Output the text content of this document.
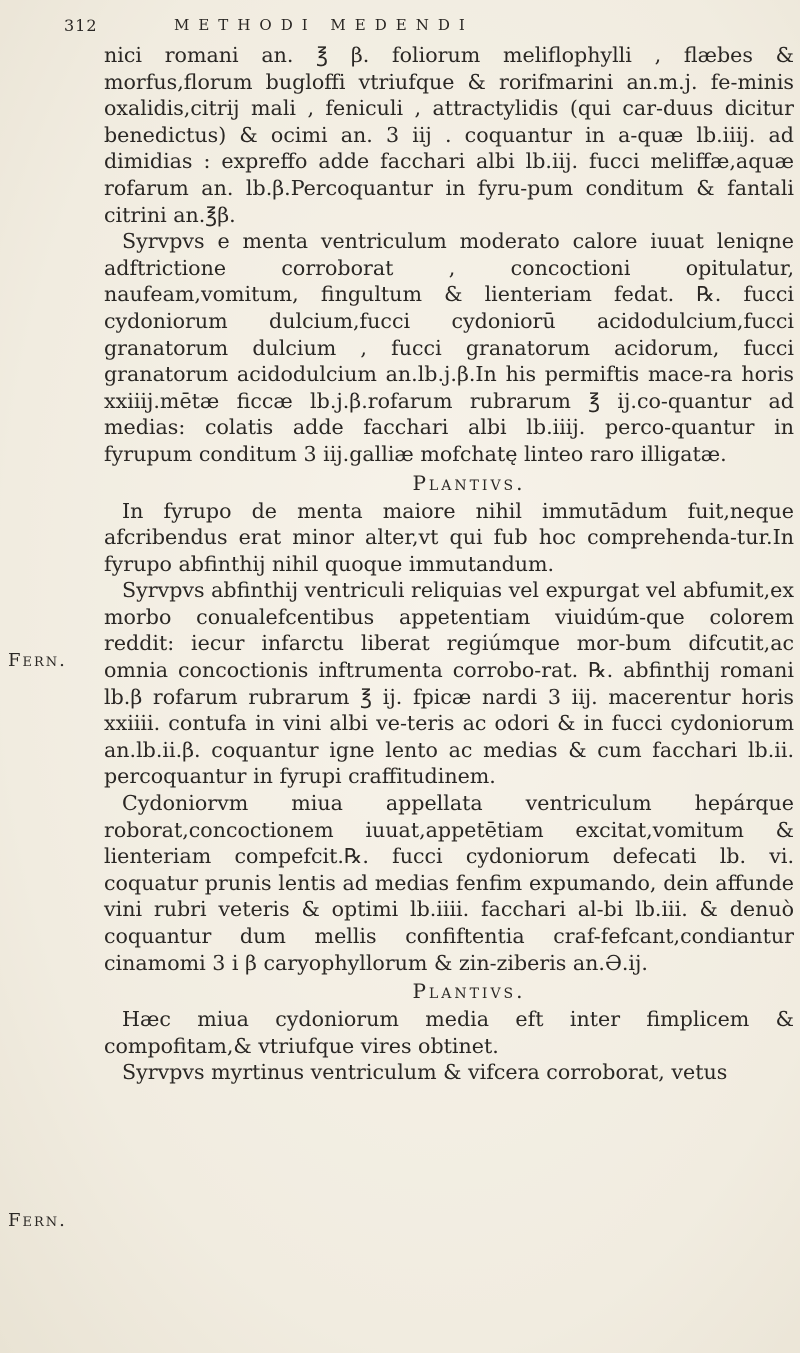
312	METHODI MEDENDI
Fern.
Fern.

nici romani an. ℥ β. foliorum meliflophylli , flæbes & morfus,florum bugloffi vtriufque & rorifmarini an.m.j. fe-minis oxalidis,citrij mali , feniculi , attractylidis (qui car-duus dicitur benedictus) & ocimi an. 3 iij . coquantur in a-quæ lb.iiij. ad dimidias : expreffo adde facchari albi lb.iij. fucci meliffæ,aquæ rofarum an. lb.β.Percoquantur in fyru-pum conditum & fantali citrini an.℥β.

Syrvpvs e menta ventriculum moderato calore iuuat leniqne adftrictione corroborat , concoctioni opitulatur, naufeam,vomitum, fingultum & lienteriam fedat. ℞. fucci cydoniorum dulcium,fucci cydoniorū acidodulcium,fucci granatorum dulcium , fucci granatorum acidorum, fucci granatorum acidodulcium an.lb.j.β.In his permiftis mace-ra horis xxiiij.mētæ ficcæ lb.j.β.rofarum rubrarum ℥ ij.co-quantur ad medias: colatis adde facchari albi lb.iiij. perco-quantur in fyrupum conditum 3 iij.galliæ mofchatę linteo raro illigatæ.

Plantivs.

In fyrupo de menta maiore nihil immutādum fuit,neque afcribendus erat minor alter,vt qui fub hoc comprehenda-tur.In fyrupo abfinthij nihil quoque immutandum.

Syrvpvs abfinthij ventriculi reliquias vel expurgat vel abfumit,ex morbo conualefcentibus appetentiam viuidúm-que colorem reddit: iecur infarctu liberat regiúmque mor-bum difcutit,ac omnia concoctionis inftrumenta corrobo-rat. ℞. abfinthij romani lb.β rofarum rubrarum ℥ ij. fpicæ nardi 3 iij. macerentur horis xxiiii. contufa in vini albi ve-teris ac odori & in fucci cydoniorum an.lb.ii.β. coquantur igne lento ac medias & cum facchari lb.ii. percoquantur in fyrupi craffitudinem.

Cydoniorvm miua appellata ventriculum hepárque roborat,concoctionem iuuat,appetētiam excitat,vomitum & lienteriam compefcit.℞. fucci cydoniorum defecati lb. vi. coquatur prunis lentis ad medias fenfim expumando, dein affunde vini rubri veteris & optimi lb.iiii. facchari al-bi lb.iii. & denuò coquantur dum mellis confiftentia craf-fefcant,condiantur cinamomi 3 i β caryophyllorum & zin-ziberis an.Ə.ij.

Plantivs.

Hæc miua cydoniorum media eft inter fimplicem & compofitam,& vtriufque vires obtinet.

Syrvpvs myrtinus ventriculum & vifcera corroborat, vetus
